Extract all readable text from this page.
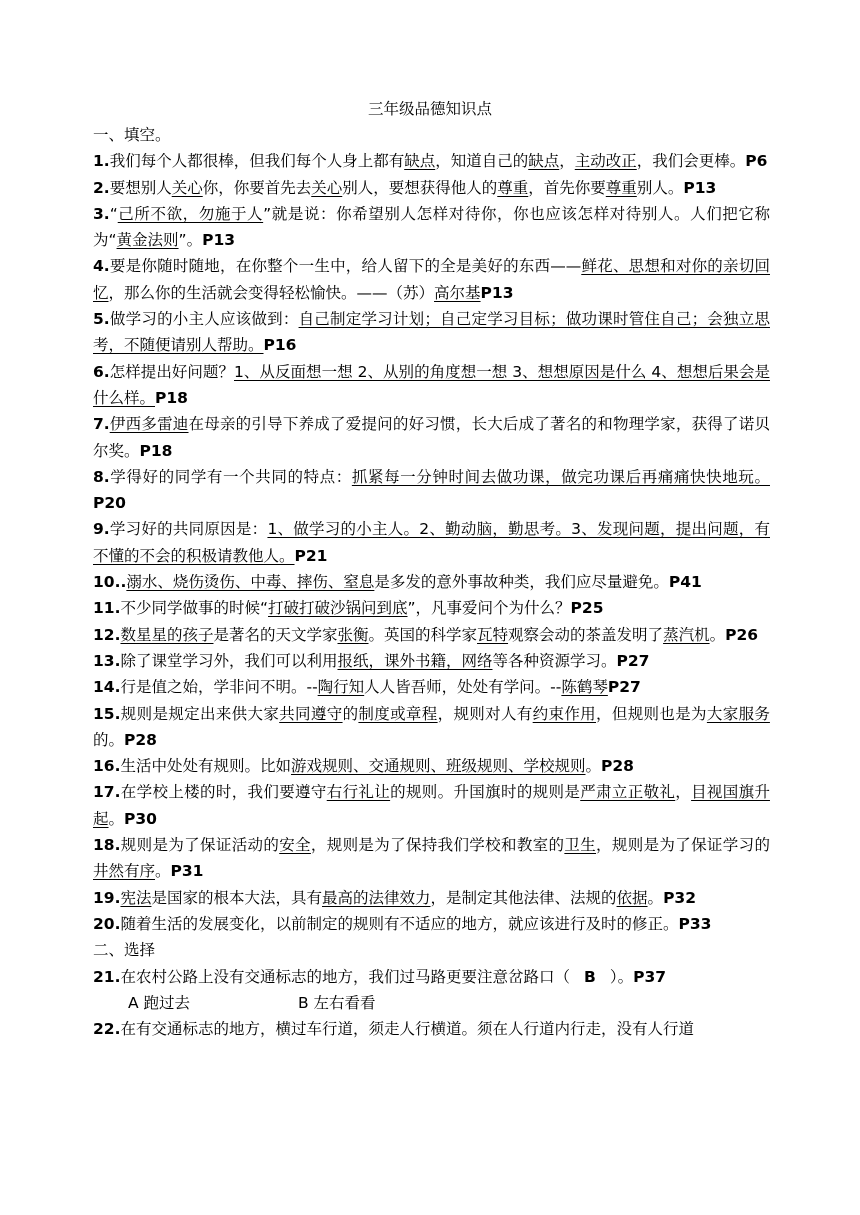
三年级品德知识点

一、填空。

1.我们每个人都很棒，但我们每个人身上都有缺点，知道自己的缺点，主动改正，我们会更棒。P6

2.要想别人关心你，你要首先去关心别人，要想获得他人的尊重，首先你要尊重别人。P13

3.“己所不欲，勿施于人”就是说：你希望别人怎样对待你，你也应该怎样对待别人。人们把它称为“黄金法则”。P13

4.要是你随时随地，在你整个一生中，给人留下的全是美好的东西——鲜花、思想和对你的亲切回忆，那么你的生活就会变得轻松愉快。——（苏）高尔基P13

5.做学习的小主人应该做到：自己制定学习计划；自己定学习目标；做功课时管住自己；会独立思考，不随便请别人帮助。P16

6.怎样提出好问题？1、从反面想一想 2、从别的角度想一想 3、想想原因是什么 4、想想后果会是什么样。P18

7.伊西多雷迪在母亲的引导下养成了爱提问的好习惯，长大后成了著名的和物理学家，获得了诺贝尔奖。P18

8.学得好的同学有一个共同的特点：抓紧每一分钟时间去做功课，做完功课后再痛痛快快地玩。P20

9.学习好的共同原因是：1、做学习的小主人。2、勤动脑，勤思考。3、发现问题，提出问题，有不懂的不会的积极请教他人。P21

10..溺水、烧伤烫伤、中毒、摔伤、窒息是多发的意外事故种类，我们应尽量避免。P41

11.不少同学做事的时候“打破打破沙锅问到底”，凡事爱问个为什么？P25

12.数星星的孩子是著名的天文学家张衡。英国的科学家瓦特观察会动的茶盖发明了蒸汽机。P26

13.除了课堂学习外，我们可以利用报纸，课外书籍，网络等各种资源学习。P27

14.行是值之始，学非问不明。--陶行知人人皆吾师，处处有学问。--陈鹤琴P27

15.规则是规定出来供大家共同遵守的制度或章程，规则对人有约束作用，但规则也是为大家服务的。P28

16.生活中处处有规则。比如游戏规则、交通规则、班级规则、学校规则。P28

17.在学校上楼的时，我们要遵守右行礼让的规则。升国旗时的规则是严肃立正敬礼，目视国旗升起。P30

18.规则是为了保证活动的安全，规则是为了保持我们学校和教室的卫生，规则是为了保证学习的井然有序。P31

19.宪法是国家的根本大法，具有最高的法律效力，是制定其他法律、法规的依据。P32

20.随着生活的发展变化，以前制定的规则有不适应的地方，就应该进行及时的修正。P33

二、选择

21.在农村公路上没有交通标志的地方，我们过马路更要注意岔路口（ B ）。P37

A 跑过去	B 左右看看

22.在有交通标志的地方，横过车行道，须走人行横道。须在人行道内行走，没有人行道
